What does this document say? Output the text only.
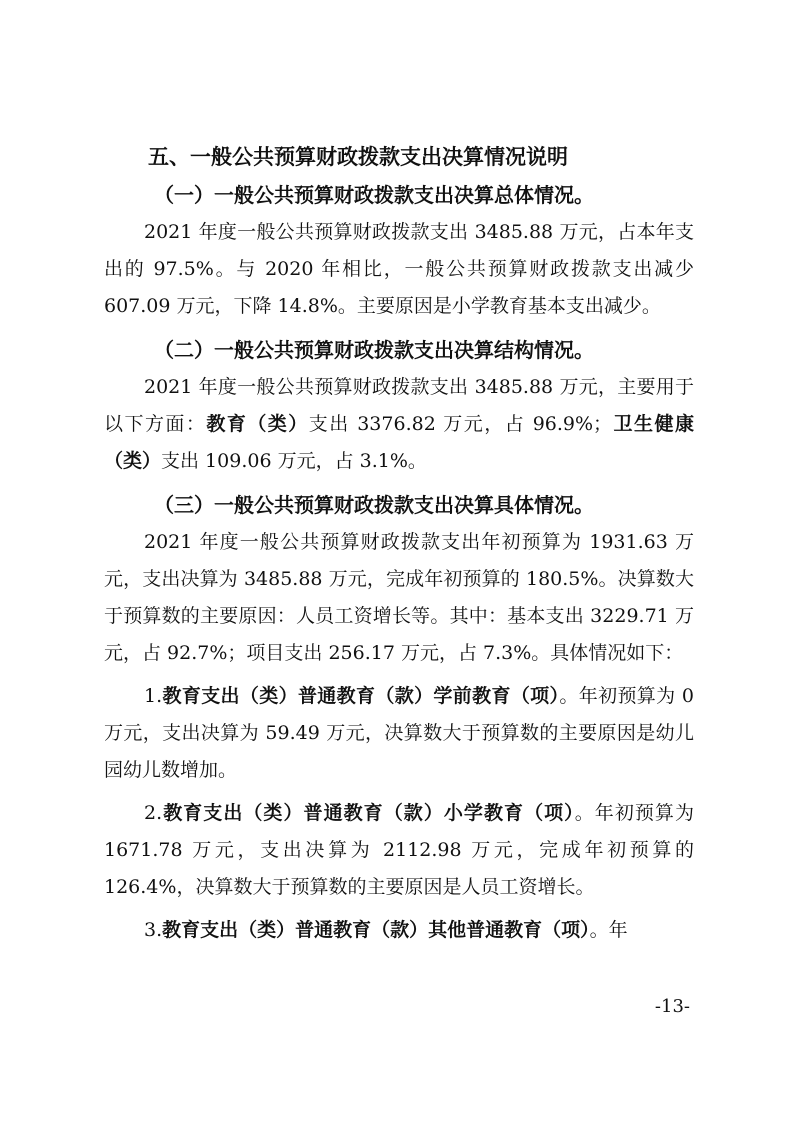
五、一般公共预算财政拨款支出决算情况说明

（一）一般公共预算财政拨款支出决算总体情况。

2021 年度一般公共预算财政拨款支出 3485.88 万元，占本年支出的 97.5%。与 2020 年相比，一般公共预算财政拨款支出减少 607.09 万元，下降 14.8%。主要原因是小学教育基本支出减少。

（二）一般公共预算财政拨款支出决算结构情况。

2021 年度一般公共预算财政拨款支出 3485.88 万元，主要用于以下方面：教育（类）支出 3376.82 万元，占 96.9%；卫生健康（类）支出 109.06 万元，占 3.1%。

（三）一般公共预算财政拨款支出决算具体情况。

2021 年度一般公共预算财政拨款支出年初预算为 1931.63 万元，支出决算为 3485.88 万元，完成年初预算的 180.5%。决算数大于预算数的主要原因：人员工资增长等。其中：基本支出 3229.71 万元，占 92.7%；项目支出 256.17 万元，占 7.3%。具体情况如下：

1.教育支出（类）普通教育（款）学前教育（项）。年初预算为 0 万元，支出决算为 59.49 万元，决算数大于预算数的主要原因是幼儿园幼儿数增加。

2.教育支出（类）普通教育（款）小学教育（项）。年初预算为 1671.78 万元，支出决算为 2112.98 万元，完成年初预算的 126.4%，决算数大于预算数的主要原因是人员工资增长。

3.教育支出（类）普通教育（款）其他普通教育（项）。年

-13-
